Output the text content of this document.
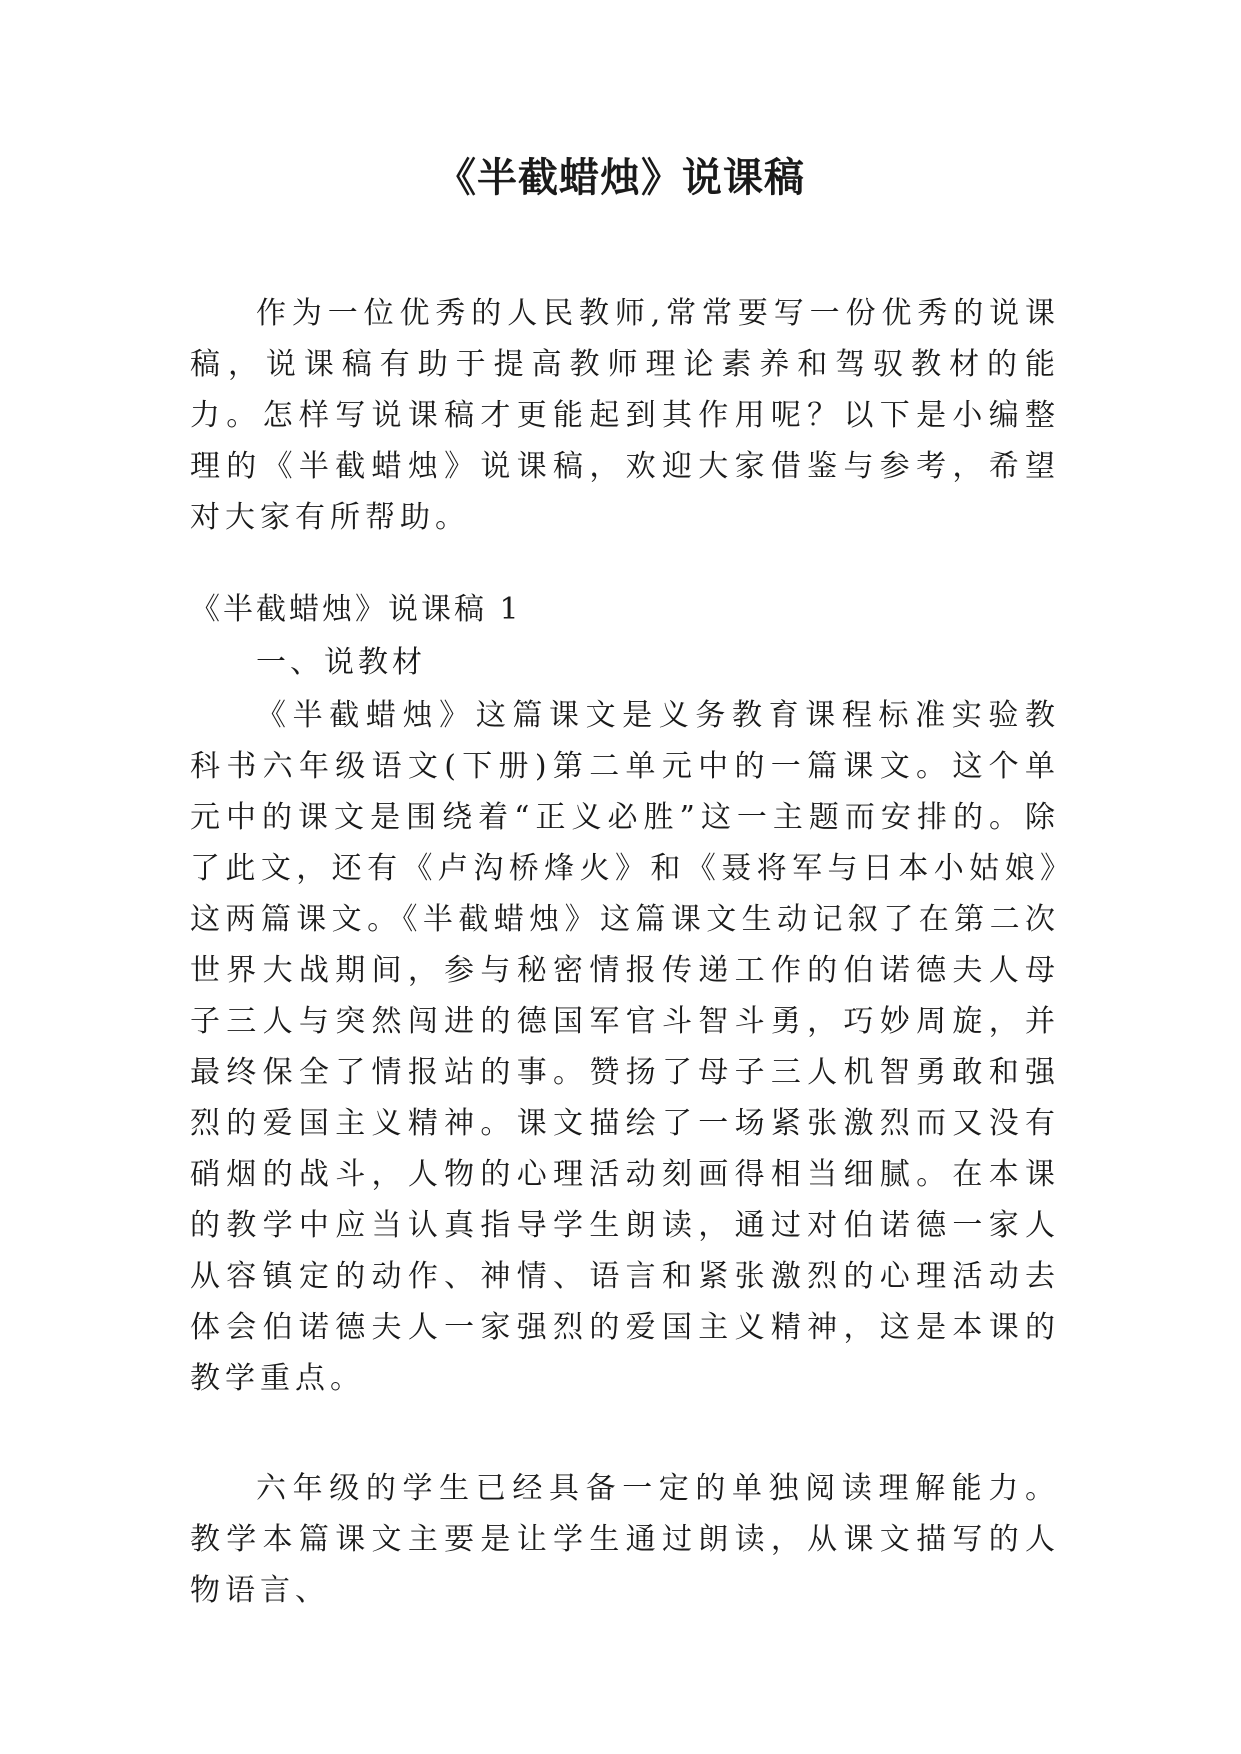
《半截蜡烛》说课稿
作为一位优秀的人民教师,常常要写一份优秀的说课稿，说课稿有助于提高教师理论素养和驾驭教材的能力。怎样写说课稿才更能起到其作用呢？以下是小编整理的《半截蜡烛》说课稿，欢迎大家借鉴与参考，希望对大家有所帮助。
《半截蜡烛》说课稿 1
一、说教材
《半截蜡烛》这篇课文是义务教育课程标准实验教科书六年级语文(下册)第二单元中的一篇课文。这个单元中的课文是围绕着“正义必胜”这一主题而安排的。除了此文，还有《卢沟桥烽火》和《聂将军与日本小姑娘》这两篇课文。《半截蜡烛》这篇课文生动记叙了在第二次世界大战期间，参与秘密情报传递工作的伯诺德夫人母子三人与突然闯进的德国军官斗智斗勇，巧妙周旋，并最终保全了情报站的事。赞扬了母子三人机智勇敢和强烈的爱国主义精神。课文描绘了一场紧张激烈而又没有硝烟的战斗，人物的心理活动刻画得相当细腻。在本课的教学中应当认真指导学生朗读，通过对伯诺德一家人从容镇定的动作、神情、语言和紧张激烈的心理活动去体会伯诺德夫人一家强烈的爱国主义精神，这是本课的教学重点。
六年级的学生已经具备一定的单独阅读理解能力。教学本篇课文主要是让学生通过朗读，从课文描写的人物语言、
